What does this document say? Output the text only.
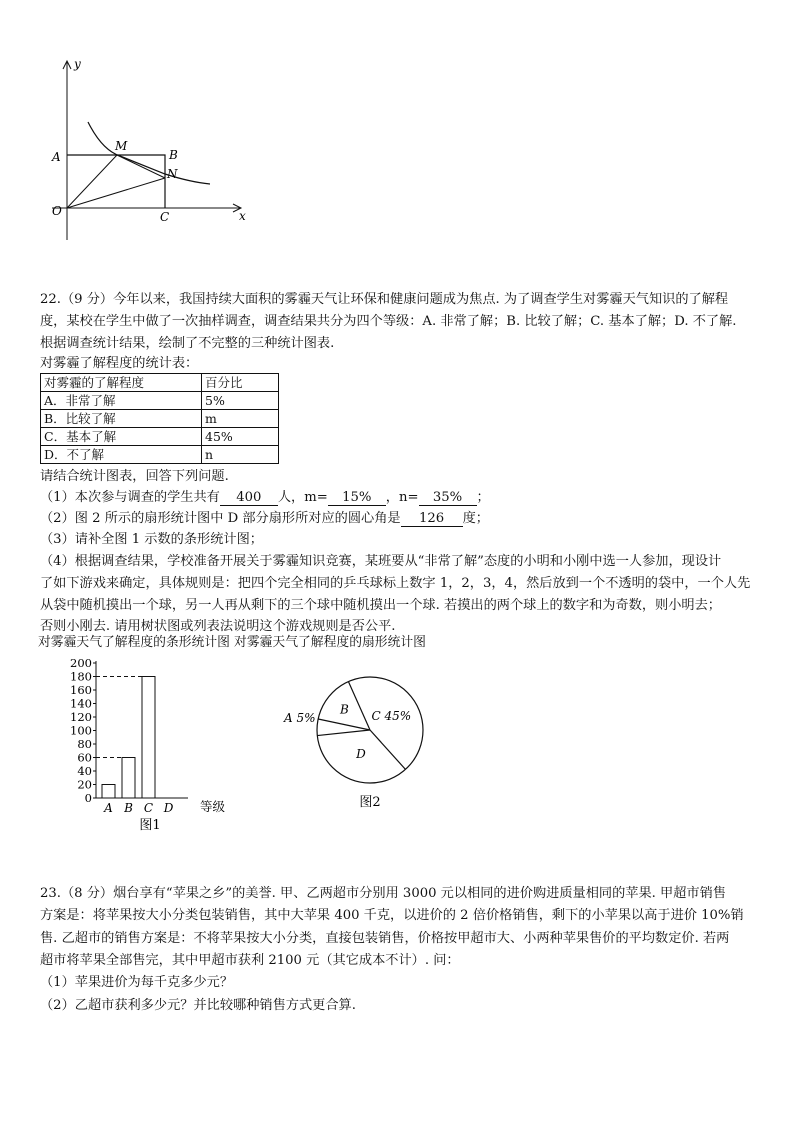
y
x
O
A	B
C
M
N
22.（9 分）今年以来，我国持续大面积的雾霾天气让环保和健康问题成为焦点. 为了调查学生对雾霾天气知识的了解程
度，某校在学生中做了一次抽样调查，调查结果共分为四个等级：A. 非常了解；B. 比较了解；C. 基本了解；D. 不了解.
根据调查统计结果，绘制了不完整的三种统计图表.
对雾霾了解程度的统计表：
对雾霾的了解程度	百分比
A．非常了解	5%
B．比较了解	m
C．基本了解	45%
D．不了解	n
请结合统计图表，回答下列问题.
（1）本次参与调查的学生共有 400 人，m= 15% ，n= 35% ；
（2）图 2 所示的扇形统计图中 D 部分扇形所对应的圆心角是 126 度；
（3）请补全图 1 示数的条形统计图；
（4）根据调查结果，学校准备开展关于雾霾知识竞赛，某班要从“非常了解”态度的小明和小刚中选一人参加，现设计
了如下游戏来确定，具体规则是：把四个完全相同的乒乓球标上数字 1，2，3，4，然后放到一个不透明的袋中，一个人先
从袋中随机摸出一个球，另一人再从剩下的三个球中随机摸出一个球. 若摸出的两个球上的数字和为奇数，则小明去；
否则小刚去. 请用树状图或列表法说明这个游戏规则是否公平.
对雾霾天气了解程度的条形统计图 对雾霾天气了解程度的扇形统计图
0
20
40
60
80
100
120
140
160
180
200
A B C D 等级
图1
A 5%
B C 45%
D
图2
23.（8 分）烟台享有“苹果之乡”的美誉. 甲、乙两超市分别用 3000 元以相同的进价购进质量相同的苹果. 甲超市销售
方案是：将苹果按大小分类包装销售，其中大苹果 400 千克，以进价的 2 倍价格销售，剩下的小苹果以高于进价 10%销
售. 乙超市的销售方案是：不将苹果按大小分类，直接包装销售，价格按甲超市大、小两种苹果售价的平均数定价. 若两
超市将苹果全部售完，其中甲超市获利 2100 元（其它成本不计）. 问：
（1）苹果进价为每千克多少元？
（2）乙超市获利多少元？并比较哪种销售方式更合算.
